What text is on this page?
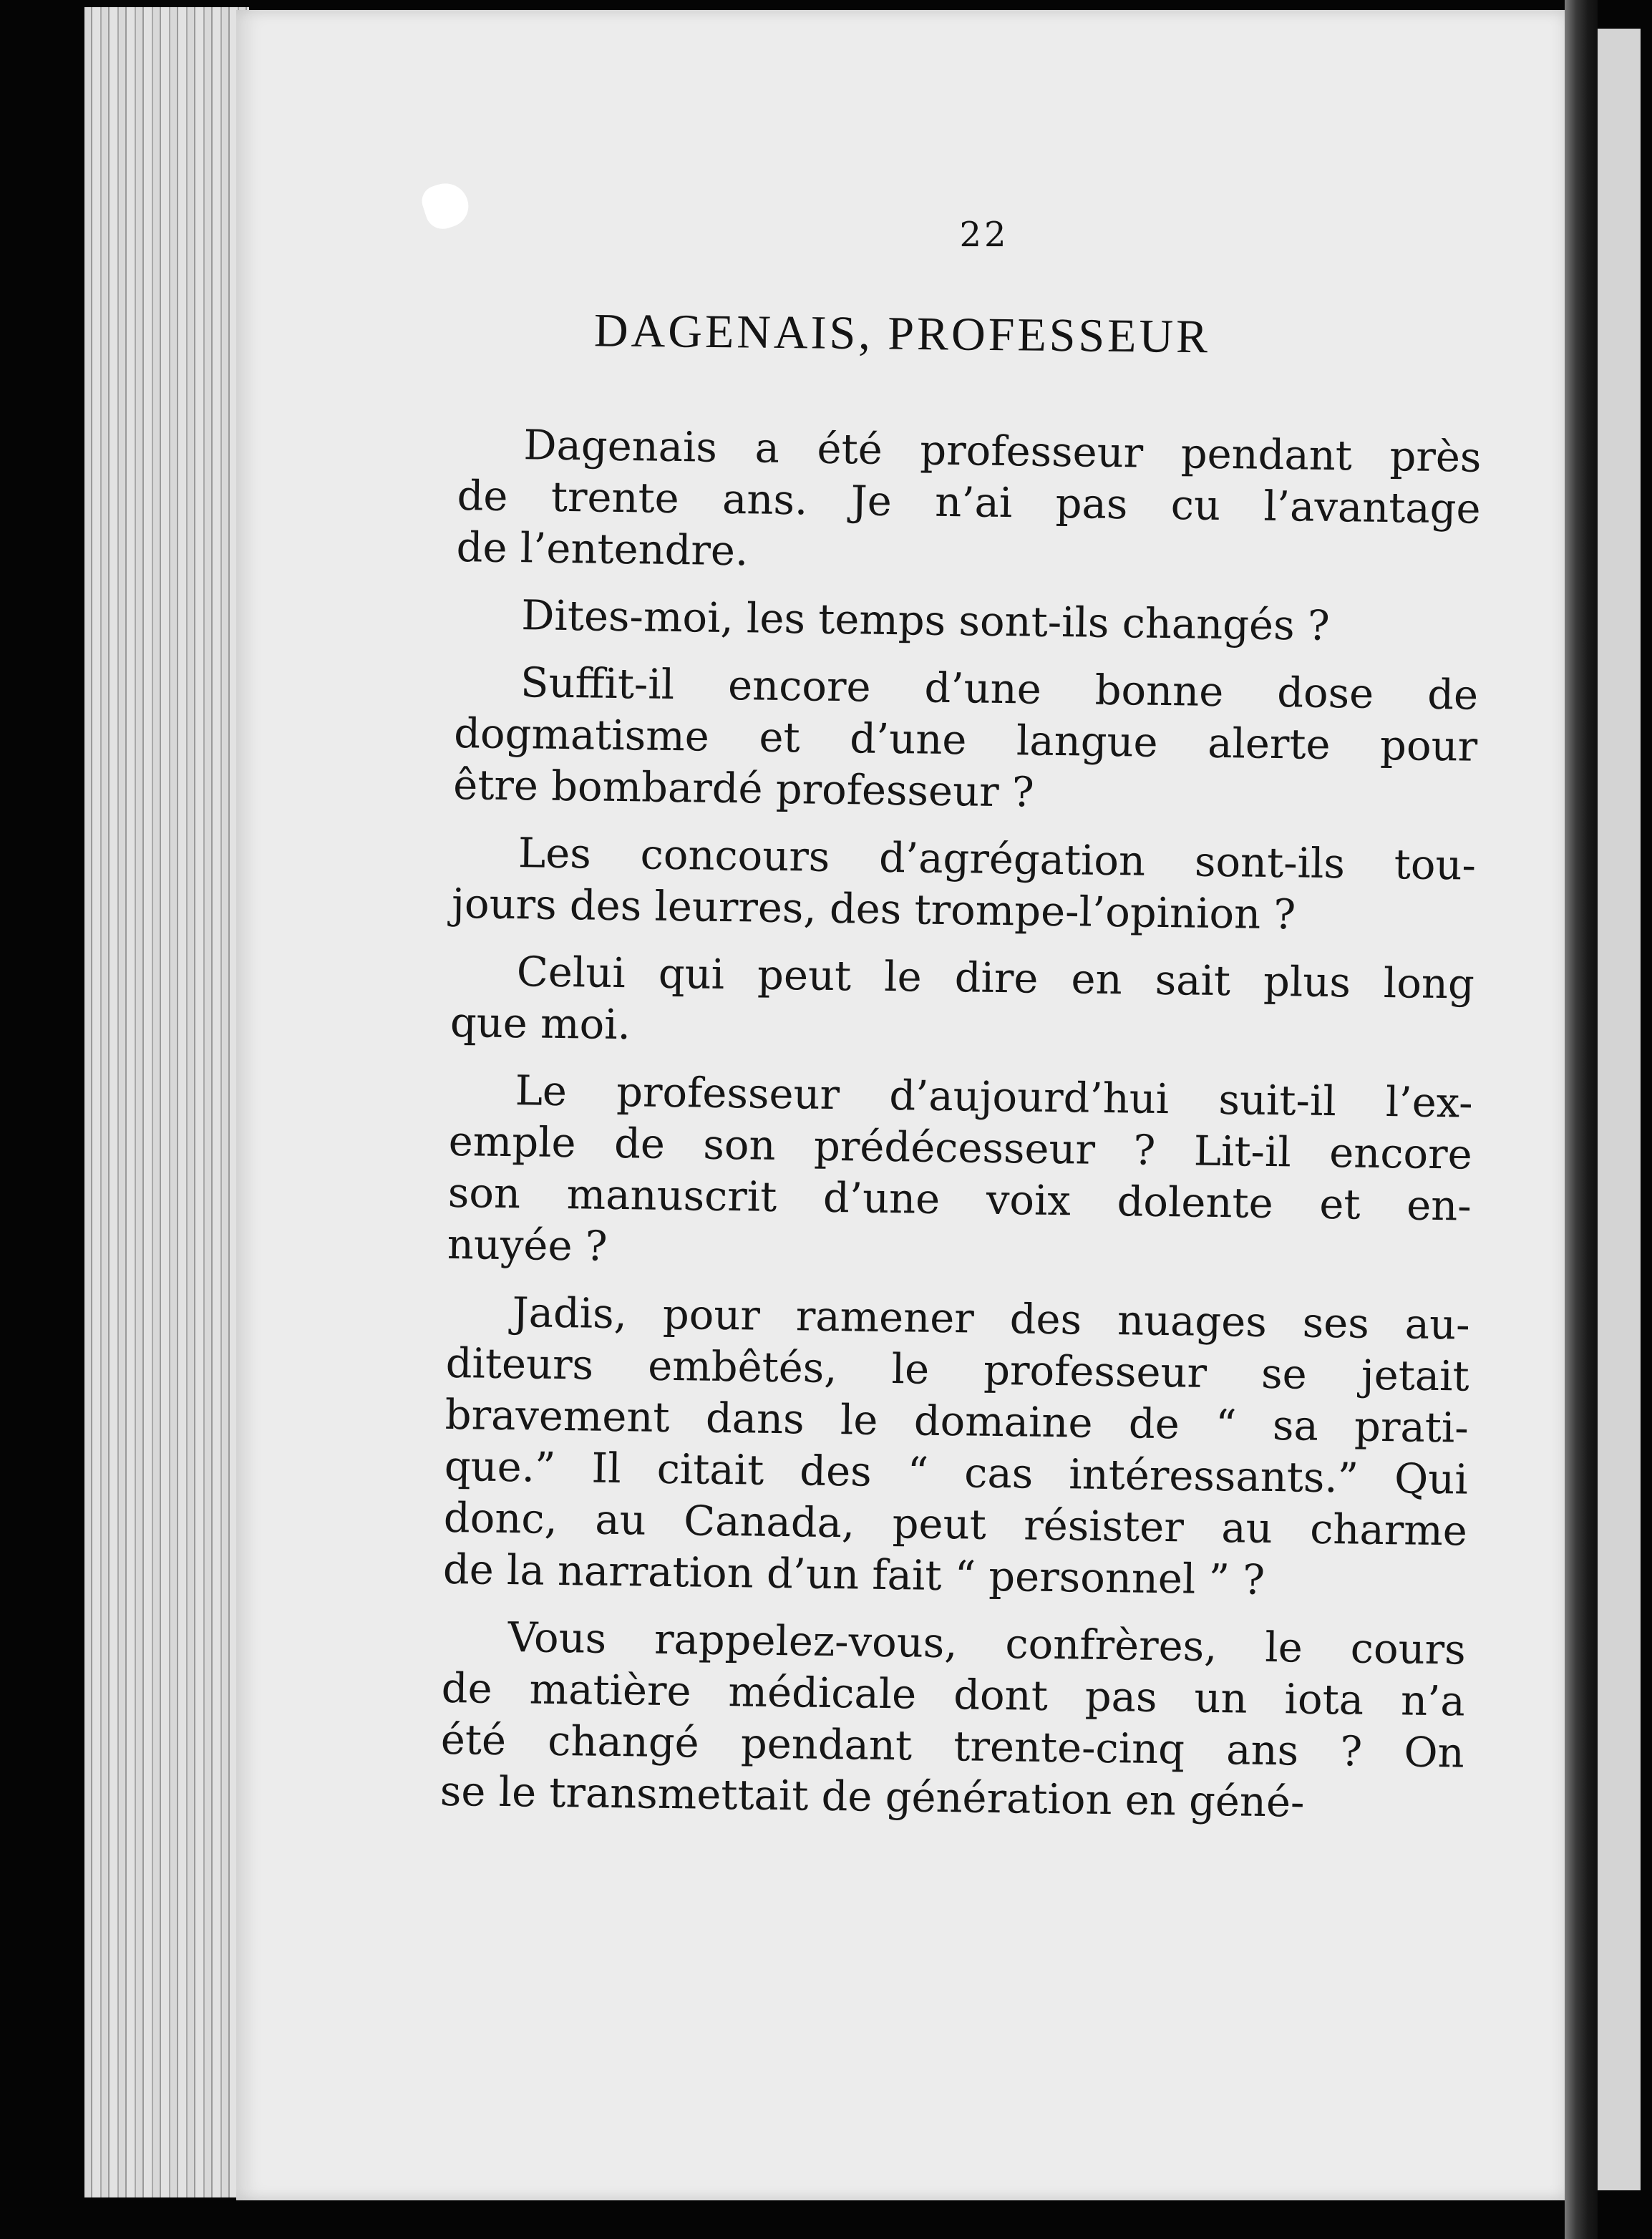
22
DAGENAIS, PROFESSEUR
Dagenais a été professeur pendant près
de trente ans. Je n’ai pas cu l’avantage
de l’entendre.
Dites-moi, les temps sont-ils changés ?
Suffit-il encore d’une bonne dose de
dogmatisme et d’une langue alerte pour
être bombardé professeur ?
Les concours d’agrégation sont-ils tou-
jours des leurres, des trompe-l’opinion ?
Celui qui peut le dire en sait plus long
que moi.
Le professeur d’aujourd’hui suit-il l’ex-
emple de son prédécesseur ? Lit-il encore
son manuscrit d’une voix dolente et en-
nuyée ?
Jadis, pour ramener des nuages ses au-
diteurs embêtés, le professeur se jetait
bravement dans le domaine de “ sa prati-
que.” Il citait des “ cas intéressants.” Qui
donc, au Canada, peut résister au charme
de la narration d’un fait “ personnel ” ?
Vous rappelez-vous, confrères, le cours
de matière médicale dont pas un iota n’a
été changé pendant trente-cinq ans ? On
se le transmettait de génération en géné-
